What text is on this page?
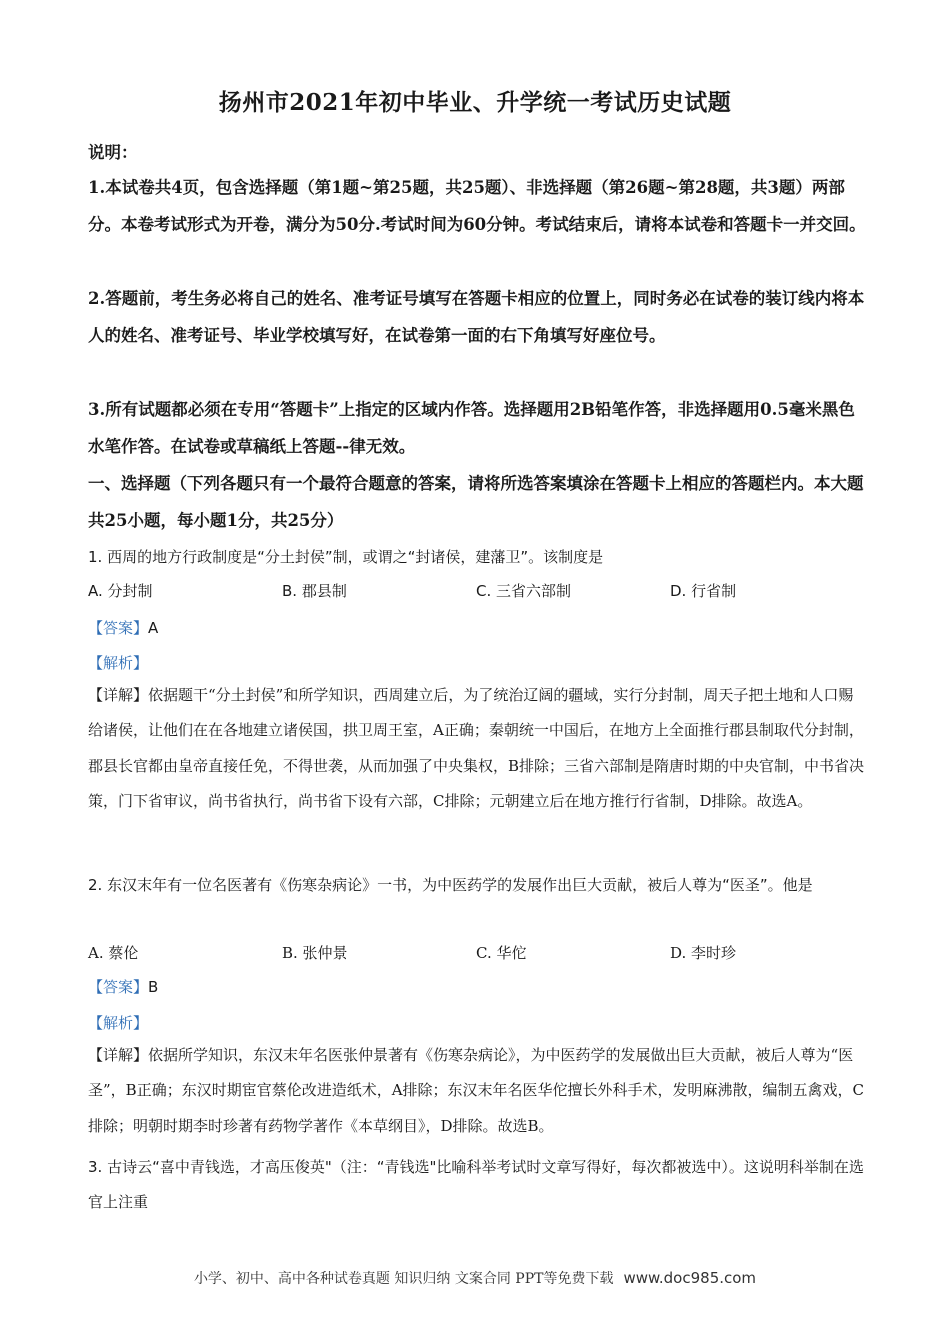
扬州市2021年初中毕业、升学统一考试历史试题
说明：
1.本试卷共4页，包含选择题（第1题~第25题，共25题）、非选择题（第26题~第28题，共3题）两部分。本卷考试形式为开卷，满分为50分.考试时间为60分钟。考试结束后，请将本试卷和答题卡一并交回。
2.答题前，考生务必将自己的姓名、准考证号填写在答题卡相应的位置上，同时务必在试卷的装订线内将本人的姓名、准考证号、毕业学校填写好，在试卷第一面的右下角填写好座位号。
3.所有试题都必须在专用“答题卡”上指定的区域内作答。选择题用2B铅笔作答，非选择题用0.5毫米黑色水笔作答。在试卷或草稿纸上答题--律无效。
一、选择题（下列各题只有一个最符合题意的答案，请将所选答案填涂在答题卡上相应的答题栏内。本大题共25小题，每小题1分，共25分）
1. 西周的地方行政制度是“分土封侯”制，或谓之“封诸侯，建藩卫”。该制度是
A. 分封制	B. 郡县制	C. 三省六部制	D. 行省制
【答案】A
【解析】
【详解】依据题干“分土封侯”和所学知识，西周建立后，为了统治辽阔的疆域，实行分封制，周天子把土地和人口赐给诸侯，让他们在在各地建立诸侯国，拱卫周王室，A正确；秦朝统一中国后，在地方上全面推行郡县制取代分封制，郡县长官都由皇帝直接任免，不得世袭，从而加强了中央集权，B排除；三省六部制是隋唐时期的中央官制，中书省决策，门下省审议，尚书省执行，尚书省下设有六部，C排除；元朝建立后在地方推行行省制，D排除。故选A。
2. 东汉末年有一位名医著有《伤寒杂病论》一书，为中医药学的发展作出巨大贡献，被后人尊为“医圣”。他是
A. 蔡伦	B. 张仲景	C. 华佗	D. 李时珍
【答案】B
【解析】
【详解】依据所学知识，东汉末年名医张仲景著有《伤寒杂病论》，为中医药学的发展做出巨大贡献，被后人尊为“医圣”，B正确；东汉时期宦官蔡伦改进造纸术，A排除；东汉末年名医华佗擅长外科手术，发明麻沸散，编制五禽戏，C排除；明朝时期李时珍著有药物学著作《本草纲目》，D排除。故选B。
3. 古诗云“喜中青钱选，才高压俊英"（注：“青钱选"比喻科举考试时文章写得好，每次都被选中）。这说明科举制在选官上注重
小学、初中、高中各种试卷真题 知识归纳 文案合同 PPT等免费下载 www.doc985.com
